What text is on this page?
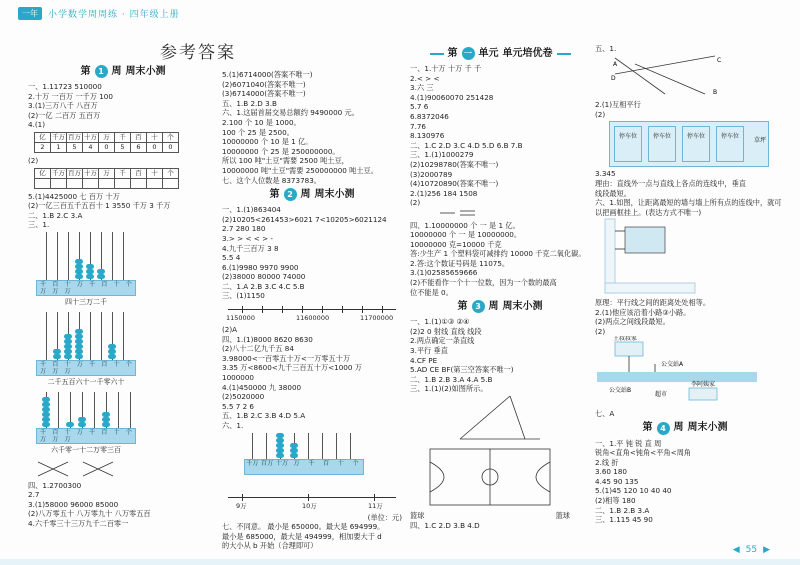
一年	小学数学周周练 · 四年级上册
参考答案
第 1 周 周末小测
一、1.11723 510000
2.十万 一百万 一千万 100
3.(1)三万八千 八百万
(2)一亿 二百万 五百万
4.(1)
亿	千万	百万	十万	万	千	百	十	个
2	1	5	4	0	5	6	0	0
(2)
亿	千万	百万	十万	万	千	百	十	个

5.(1)4425000 七 百万 十万
(2)一亿三百五千五百十 1 3550 千万 3 千万
二、1.B 2.C 3.A
三、1.
千万
百万
十万
万 千 百 十 个
四十三万二千
千万
百万
十万
万 千 百 十 个
二千五百六十一千零六十
千万
百万
十万
万 千 百 十 个
六千零一十二万零三百
四、1.2700300
2.7
3.(1)58000 96000 85000
(2)八万零五十 八万零九十 八万零五百
4.六千零三十三万九千二百零一
5.(1)6714000(答案不唯一)
(2)6071040(答案不唯一)
(3)6714000(答案不唯一)
五、1.B 2.D 3.B
六、1.这届首届交易总额约 9490000 元。
2.100 个 10 是 1000。
100 个 25 是 2500。
10000000 个 10 是 1 亿。
10000000 个 25 是 250000000。
所以 100 吨"土豆"需要 2500 吨土豆，
10000000 吨"土豆"需要 250000000 吨土豆。
七、这个人位数是 8373783。
第 2 周 周末小测
一、1.(1)863404
(2)10205<261453>6021 7<10205>6021124
2.7 280 180
3.> > < < > -
4.九千三百万 3 8
5.5 4
6.(1)9980 9970 9900
(2)38000 80000 74000
二、1.A 2.B 3.C 4.C 5.B
三、(1)1150
1150000	11600000	11700000
(2)A
四、1.(1)8000 8620 8630
(2)八十二亿九千五 84
3.98000<一百零五十万<一万零五十万
3.35 万<8600<九千三百五十万<1000 万
1000000
4.(1)450000 九 38000
(2)5020000
5.5 7 2 6
五、1.B 2.C 3.B 4.D 5.A
六、1.
千万 百万 十万 万	千	百	十	个
9万	10万	11万
(单位：元)
七、不同意。 最小是 650000。最大是 694999。
最小是 685000，最大是 494999，相加要大于 d
的大小从 b 开始（合理即可）
第 一 单元 单元培优卷
一、1.十万 十万 千 千
2.< > <
3.六 三
4.(1)90060070 251428
5.7 6
6.8372046
7.76
8.130976
二、1.C 2.D 3.C 4.D 5.D 6.B 7.B
三、1.(1)1000279
(2)10298780(答案不唯一)
(3)2000789
(4)10720890(答案不唯一)
2.(1)256 184 1508
(2)
四、1.10000000 个 一 是 1 亿。
10000000 个 一 是 10000000。
10000000 克=10000 千克
答:少生产 1 个塑料袋可减排约 10000 千克二氧化碳。
2.答:这个数证号码是 11075。
3.(1)02585659666
(2)不能看作一个十一位数，因为一个数的最高
位不能是 0。
第 3 周 周末小测
一、1.(1)①③ ②④
(2)2 0 射线 直线 线段
2.两点确定一条直线
3.平行 垂直
4.CF PE
5.AD CE BF(第三空答案不唯一)
二、1.B 2.B 3.A 4.A 5.B
三、1.(1)(2)如图所示。

篮球	篮球
四、1.C 2.D 3.B 4.D
五、1.
A
B
C
D
2.(1)互相平行
(2)
停车位	停车位	停车位	停车位
草坪
3.345
理由：直线外一点与直线上各点的连线中，垂直
线段最短。
六、1.如图，让距离最短的墙与墙上所有点的连线中，就可
以把画框挂上。(表达方式不唯一)
原理：平行线之间的距离处处相等。
2.(1)他应该沿着小路③小路。
(2)两点之间线段最短。
(2)
王叔叔家
公交站A
公交站B
超市
李阿姨家
七、A
第 4 周 周末小测
一、1.平 钝 锐 直 周
锐角<直角<钝角<平角<周角
2.线 折
3.60 180
4.45 90 135
5.(1)45 120 10 40 40
(2)相等 180
二、1.B 2.B 3.A
三、1.115 45 90
◀ 55 ▶
